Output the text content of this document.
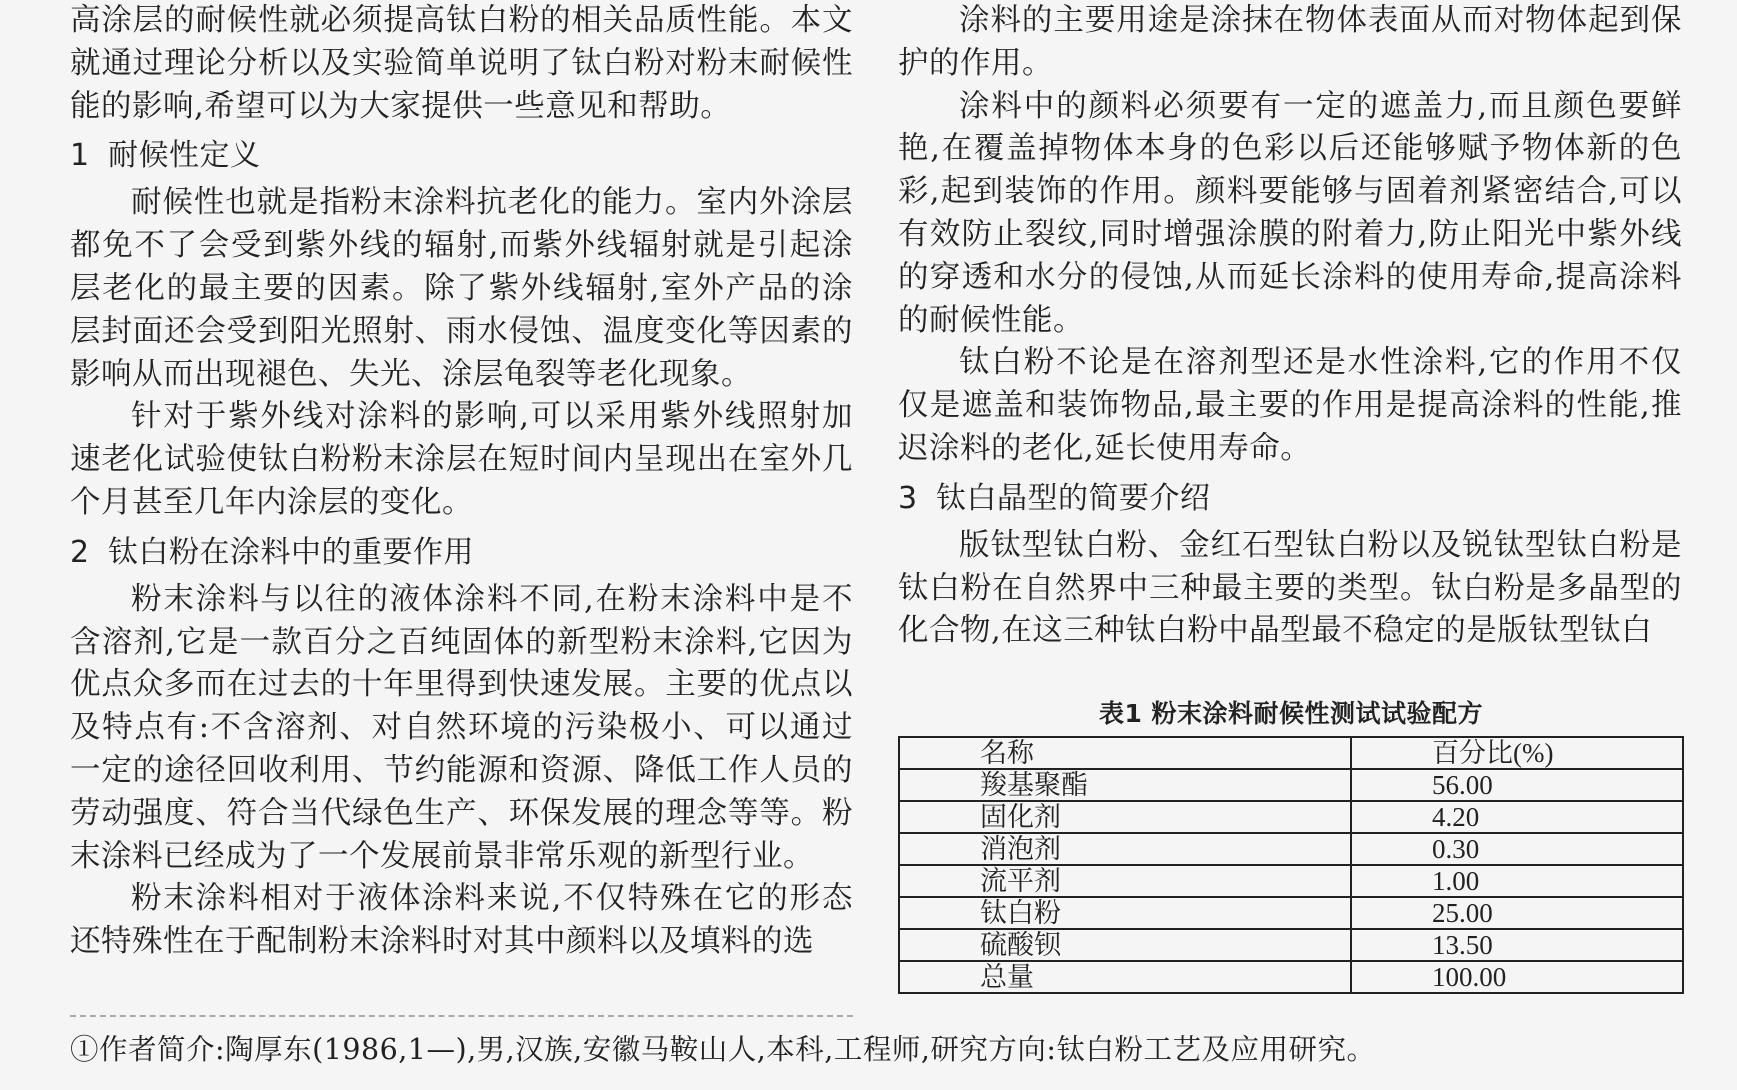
高涂层的耐候性就必须提高钛白粉的相关品质性能。本文就通过理论分析以及实验简单说明了钛白粉对粉末耐候性能的影响,希望可以为大家提供一些意见和帮助。

1 耐候性定义

耐候性也就是指粉末涂料抗老化的能力。室内外涂层都免不了会受到紫外线的辐射,而紫外线辐射就是引起涂层老化的最主要的因素。除了紫外线辐射,室外产品的涂层封面还会受到阳光照射、雨水侵蚀、温度变化等因素的影响从而出现褪色、失光、涂层龟裂等老化现象。

针对于紫外线对涂料的影响,可以采用紫外线照射加速老化试验使钛白粉粉末涂层在短时间内呈现出在室外几个月甚至几年内涂层的变化。

2 钛白粉在涂料中的重要作用

粉末涂料与以往的液体涂料不同,在粉末涂料中是不含溶剂,它是一款百分之百纯固体的新型粉末涂料,它因为优点众多而在过去的十年里得到快速发展。主要的优点以及特点有:不含溶剂、对自然环境的污染极小、可以通过一定的途径回收利用、节约能源和资源、降低工作人员的劳动强度、符合当代绿色生产、环保发展的理念等等。粉末涂料已经成为了一个发展前景非常乐观的新型行业。

粉末涂料相对于液体涂料来说,不仅特殊在它的形态还特殊性在于配制粉末涂料时对其中颜料以及填料的选

涂料的主要用途是涂抹在物体表面从而对物体起到保护的作用。

涂料中的颜料必须要有一定的遮盖力,而且颜色要鲜艳,在覆盖掉物体本身的色彩以后还能够赋予物体新的色彩,起到装饰的作用。颜料要能够与固着剂紧密结合,可以有效防止裂纹,同时增强涂膜的附着力,防止阳光中紫外线的穿透和水分的侵蚀,从而延长涂料的使用寿命,提高涂料的耐候性能。

钛白粉不论是在溶剂型还是水性涂料,它的作用不仅仅是遮盖和装饰物品,最主要的作用是提高涂料的性能,推迟涂料的老化,延长使用寿命。

3 钛白晶型的简要介绍

版钛型钛白粉、金红石型钛白粉以及锐钛型钛白粉是钛白粉在自然界中三种最主要的类型。钛白粉是多晶型的化合物,在这三种钛白粉中晶型最不稳定的是版钛型钛白

表1 粉末涂料耐候性测试试验配方
名称	百分比(%)
羧基聚酯	56.00
固化剂	4.20
消泡剂	0.30
流平剂	1.00
钛白粉	25.00
硫酸钡	13.50
总量	100.00
①作者简介:陶厚东(1986,1—),男,汉族,安徽马鞍山人,本科,工程师,研究方向:钛白粉工艺及应用研究。
